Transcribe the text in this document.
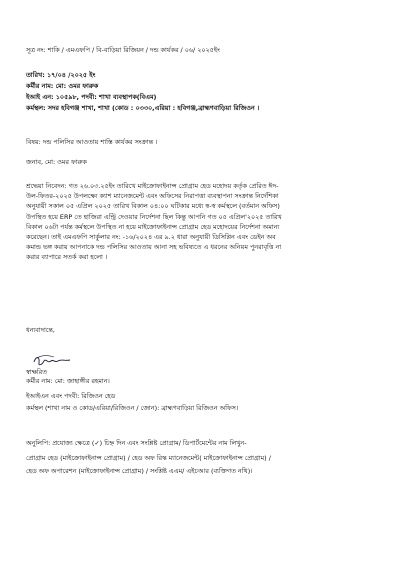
সূত্র নং: শাকি / এমএফপি / বি-বাড়িয়া রিজিয়ন / দন্ড কার্যকর / ০৬/ ২০২৫ইং
তারিখ: ১৭/০৪ /২০২৫ ইং
কর্মীর নাম: মো: ওমর ফারুক
ইআই এন: ১০৫৯৮, পদবী: শাখা ব্যবস্থাপক(বিএম)
কর্মস্থল: সদর হবিগঞ্জ শাখা, শাখা (কোড : ০৩৩০,এরিয়া : হবিগঞ্জ,ব্রাহ্মণবাড়িয়া রিজিওন ।
বিষয়: দন্ড পলিসির আওতায় শাস্তি কার্যকর সংক্রান্ত ।
জনাব, মো: ওমর ফারুক
শ্রদ্ধেয়া নিবেদন: গত ২৬.০৩.২৫ইং তারিখে মাইক্রোফাইনান্স প্রোগ্রাম হেড মহোদয় কর্তৃক প্রেরিত ঈদ-
উল-ফিতর-২০২৫ উপলক্ষ্যে ক্যাশ ম্যানেজমেন্ট এবং অফিসের নিরাপত্তা ব্যবস্থাপনা সংক্রান্ত নির্দেশিকা
অনুযায়ী সকাল ০৫ এপ্রিল ২০২৫ তারিখ বিকাল ০৪:০০ ঘটিকার মধ্যে স্ব-স্ব কর্মস্থলে (বর্তমান অফিস)
উপস্থিত হয়ে ERP তে হাজিরা এন্ট্রি দেওয়ার নির্দেশনা ছিল কিন্তু আপনি গত ০৫ এপ্রিল'২০২৫ তারিখ
বিকাল ০৬টা পর্যন্ত কর্মস্থলে উপস্থিত না হয়ে মাইক্রোফাইনান্স প্রোগ্রাম হেড মহোদয়ের নির্দেশনা অমান্য
করেছেন। তাই এমএফপি সার্কুলার নং: -১৬/২০২৪ এর ৯.২ ধারা অনুযায়ী ডিসিপ্লিন এবং ডেইন অব
কমান্ড ভঙ্গ করায় আপনাকে দন্ড পলিসির আওতায় আনা সহ ভবিষ্যতে এ ধরনের অনিয়ম পুনরাবৃত্তি না
করার ব্যাপারে সতর্ক করা হলো ।
ধন্যবাদান্তে,
স্বাক্ষরিত
কর্মীর নাম: মো: জাহাঙ্গীর রহমান।
ইআইএন এবং পদবী: রিজিওন হেড
কর্মস্থল (শাখা নাম ও কোড/এরিয়া/রিজিওন / জোন): ব্রাহ্মণবাড়িয়া রিজিওন অফিস।
অনুলিপি: প্রযোজ্য ক্ষেত্রে (✓) চিহ্ন দিন এবং সংশ্লিষ্ট প্রোগ্রাম/ ডিপার্টমেন্টের নাম লিখুন-
প্রোগ্রাম হেড (মাইক্রোফাইনান্স প্রোগ্রাম) / হেড অফ রিস্ক ম্যানেজমেন্ট( মাইক্রোফাইনান্স প্রোগ্রাম) /
হেড অফ অপারেশন (মাইক্রোফাইনান্স প্রোগ্রাম) / সংশ্লিষ্ট এএম/ এইচআর (ব্যক্তিগত নথি)।
